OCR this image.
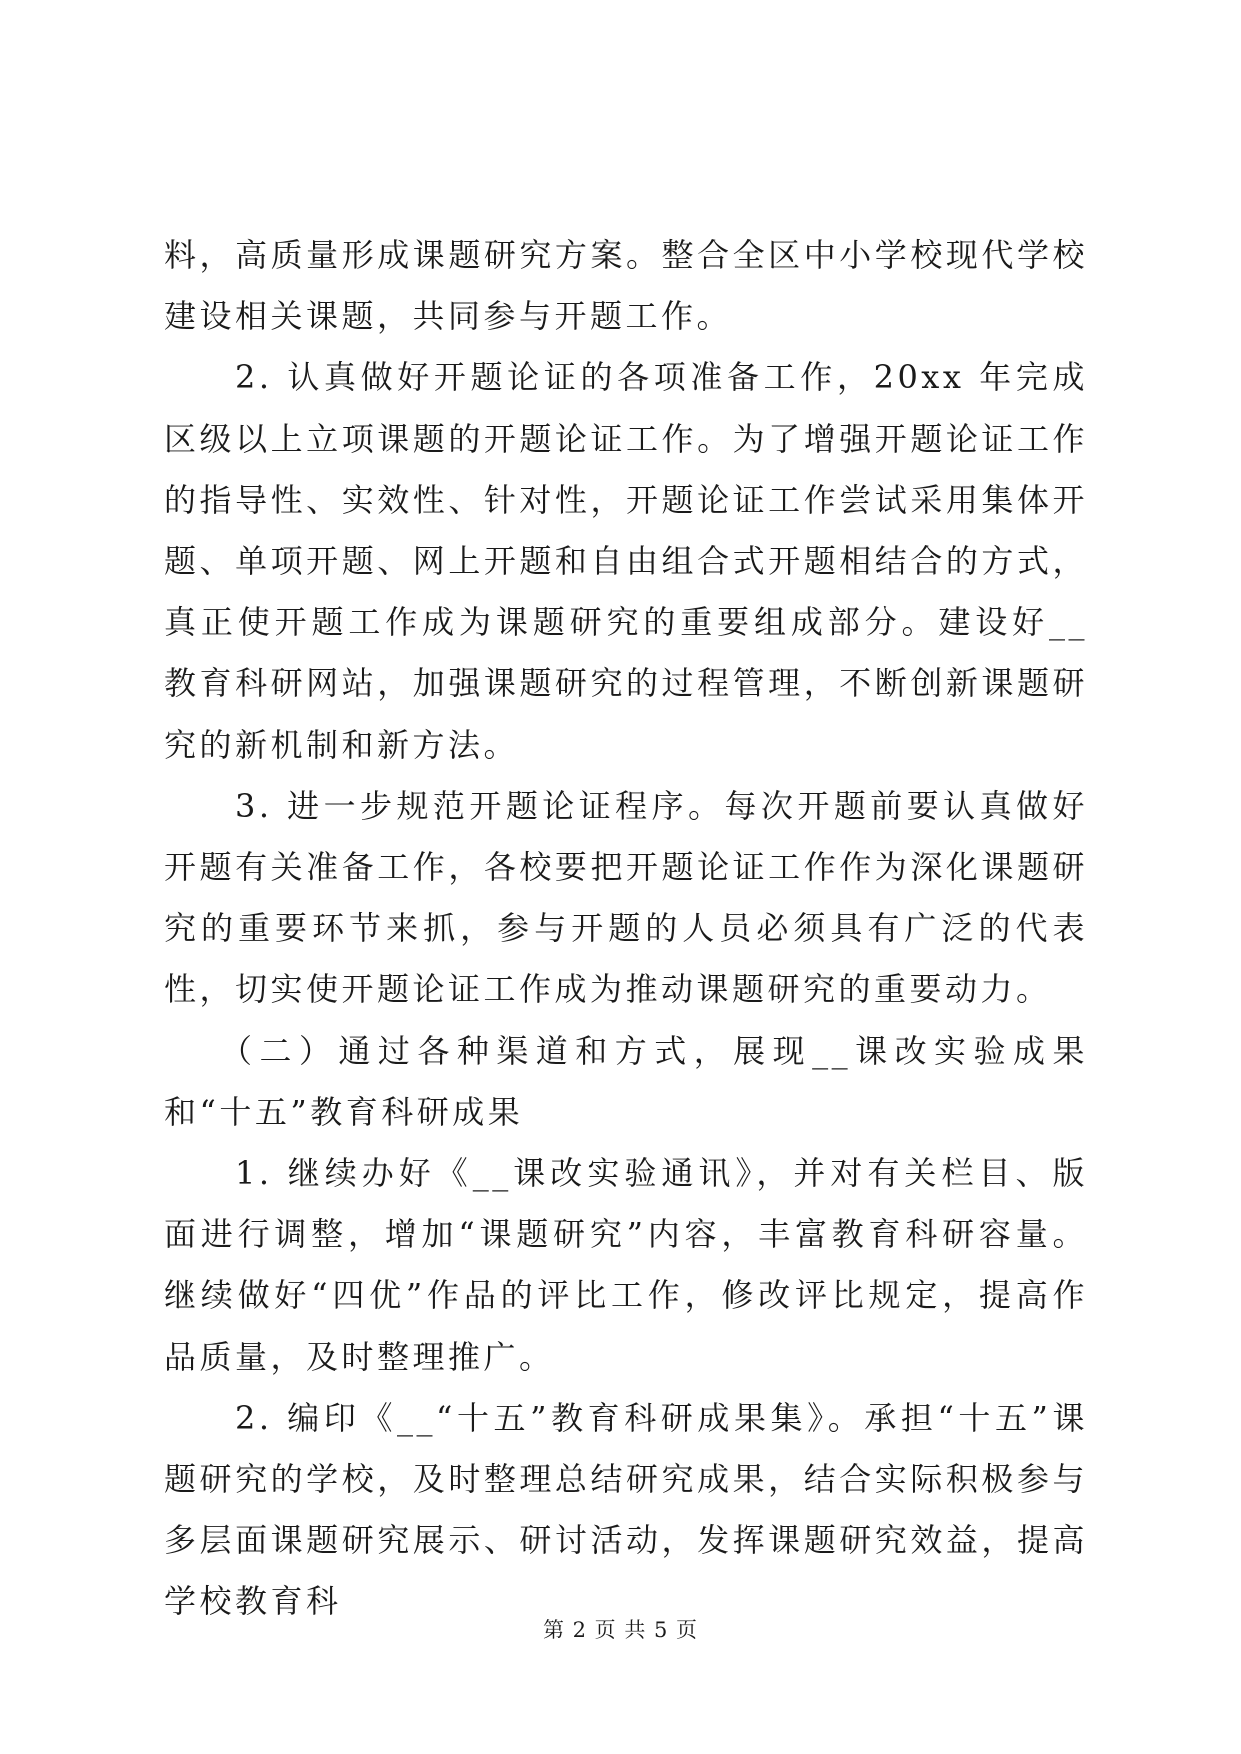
料，高质量形成课题研究方案。整合全区中小学校现代学校建设相关课题，共同参与开题工作。

2. 认真做好开题论证的各项准备工作，20xx 年完成区级以上立项课题的开题论证工作。为了增强开题论证工作的指导性、实效性、针对性，开题论证工作尝试采用集体开题、单项开题、网上开题和自由组合式开题相结合的方式，真正使开题工作成为课题研究的重要组成部分。建设好__教育科研网站，加强课题研究的过程管理，不断创新课题研究的新机制和新方法。

3. 进一步规范开题论证程序。每次开题前要认真做好开题有关准备工作，各校要把开题论证工作作为深化课题研究的重要环节来抓，参与开题的人员必须具有广泛的代表性，切实使开题论证工作成为推动课题研究的重要动力。

（二）通过各种渠道和方式，展现__课改实验成果和“十五”教育科研成果

1. 继续办好《__课改实验通讯》，并对有关栏目、版面进行调整，增加“课题研究”内容，丰富教育科研容量。继续做好“四优”作品的评比工作，修改评比规定，提高作品质量，及时整理推广。

2. 编印《__“十五”教育科研成果集》。承担“十五”课题研究的学校，及时整理总结研究成果，结合实际积极参与多层面课题研究展示、研讨活动，发挥课题研究效益，提高学校教育科

第 2 页 共 5 页
